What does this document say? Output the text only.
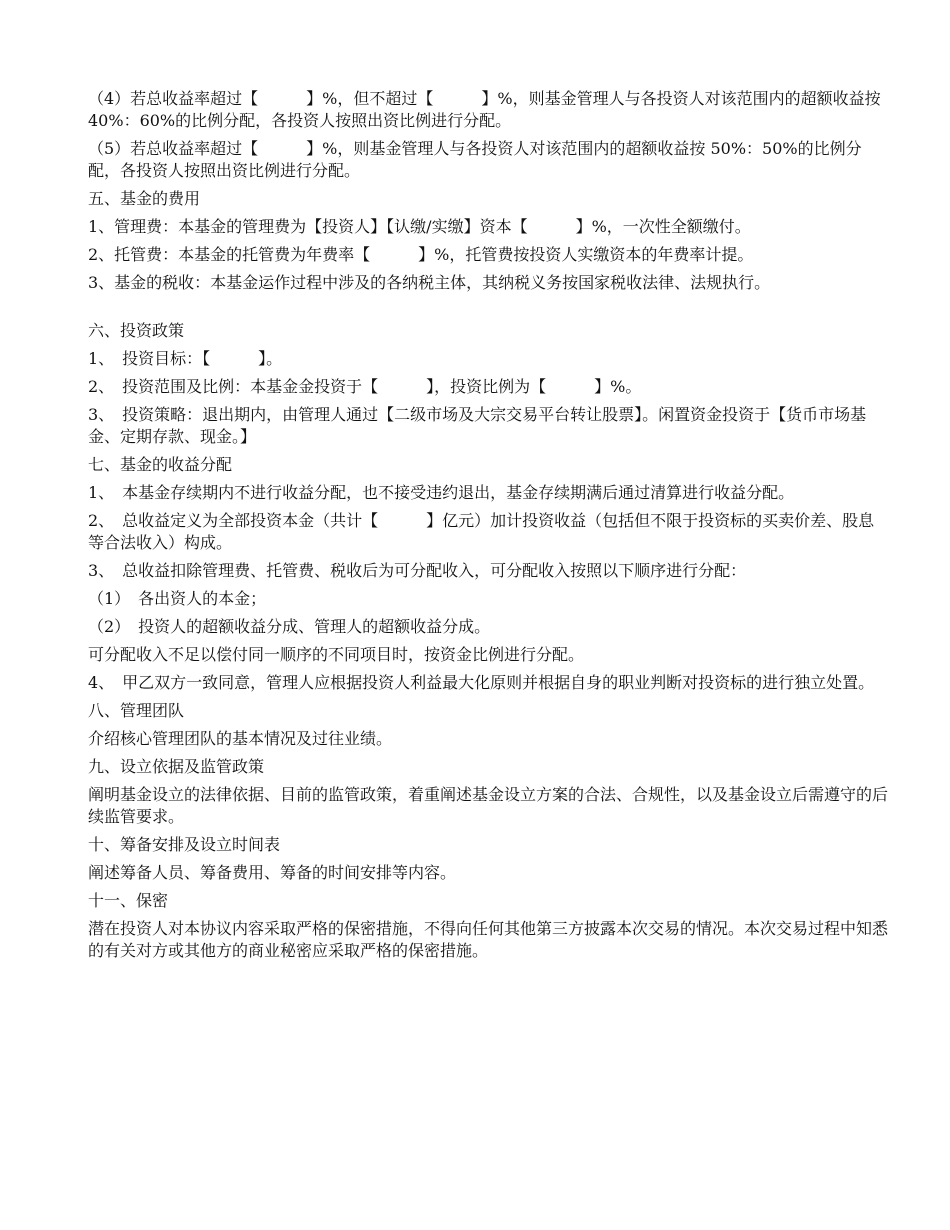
（4）若总收益率超过【　　　】%，但不超过【　　　】%，则基金管理人与各投资人对该范围内的超额收益按 40%：60%的比例分配，各投资人按照出资比例进行分配。
（5）若总收益率超过【　　　】%，则基金管理人与各投资人对该范围内的超额收益按 50%：50%的比例分配，各投资人按照出资比例进行分配。
五、基金的费用
1、管理费：本基金的管理费为【投资人】【认缴/实缴】资本【　　　】%，一次性全额缴付。
2、托管费：本基金的托管费为年费率【　　　】%，托管费按投资人实缴资本的年费率计提。
3、基金的税收：本基金运作过程中涉及的各纳税主体，其纳税义务按国家税收法律、法规执行。
六、投资政策
1、　投资目标：【　　　】。
2、　投资范围及比例：本基金金投资于【　　　】，投资比例为【　　　】%。
3、　投资策略：退出期内，由管理人通过【二级市场及大宗交易平台转让股票】。闲置资金投资于【货币市场基金、定期存款、现金。】
七、基金的收益分配
1、　本基金存续期内不进行收益分配，也不接受违约退出，基金存续期满后通过清算进行收益分配。
2、　总收益定义为全部投资本金（共计【　　　】亿元）加计投资收益（包括但不限于投资标的买卖价差、股息等合法收入）构成。
3、　总收益扣除管理费、托管费、税收后为可分配收入，可分配收入按照以下顺序进行分配：
（1）　各出资人的本金；
（2）　投资人的超额收益分成、管理人的超额收益分成。
可分配收入不足以偿付同一顺序的不同项目时，按资金比例进行分配。
4、　甲乙双方一致同意，管理人应根据投资人利益最大化原则并根据自身的职业判断对投资标的进行独立处置。
八、管理团队
介绍核心管理团队的基本情况及过往业绩。
九、设立依据及监管政策
阐明基金设立的法律依据、目前的监管政策，着重阐述基金设立方案的合法、合规性，以及基金设立后需遵守的后续监管要求。
十、筹备安排及设立时间表
阐述筹备人员、筹备费用、筹备的时间安排等内容。
十一、保密
潜在投资人对本协议内容采取严格的保密措施，不得向任何其他第三方披露本次交易的情况。本次交易过程中知悉的有关对方或其他方的商业秘密应采取严格的保密措施。
